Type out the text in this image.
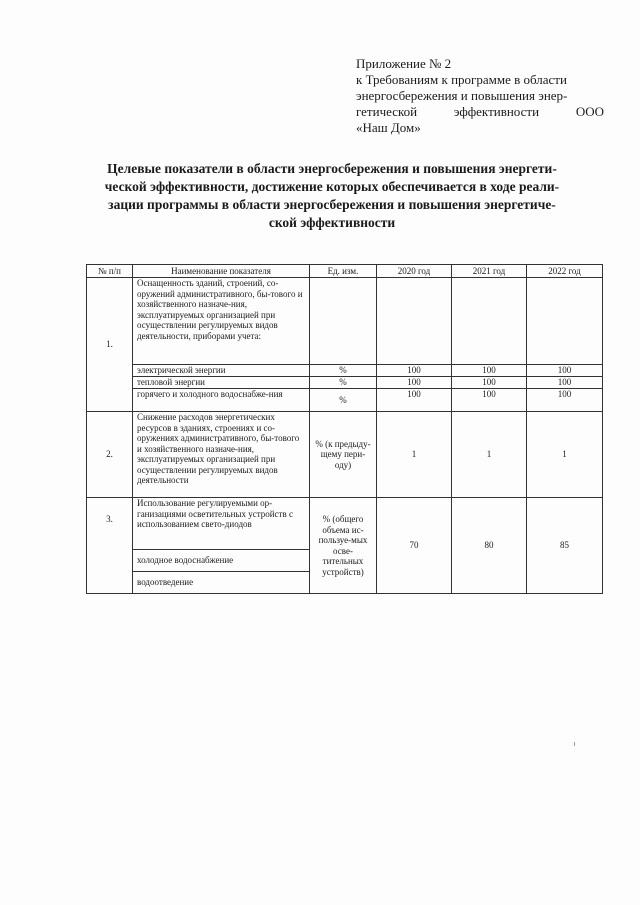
Приложение № 2
к Требованиям к программе в области
энергосбережения и повышения энер-
гетической	эффективности	ООО
«Наш Дом»
Целевые показатели в области энергосбережения и повышения энергети-
ческой эффективности, достижение которых обеспечивается в ходе реали-
зации программы в области энергосбережения и повышения энергетиче-
ской эффективности
№ п/п	Наименование показателя	Ед. изм.	2020 год	2021 год	2022 год
1.	Оснащенность зданий, строений, со-оружений административного, бы-тового и хозяйственного назначе-ния, эксплуатируемых организацией при осуществлении регулируемых видов деятельности, приборами учета:				
	электрической энергии	%	100	100	100
	тепловой энергии	%	100	100	100
	горячего и холодного водоснабже-ния	%	100	100	100
2.	Снижение расходов энергетических ресурсов в зданиях, строениях и со-оружениях административного, бы-тового и хозяйственного назначе-ния, эксплуатируемых организацией при осуществлении регулируемых видов деятельности	% (к предыду-щему пери-оду)	1	1	1
3.	Использование регулируемыми ор-ганизациями осветительных устройств с использованием свето-диодов	% (общего объема ис-пользуе-мых осве-тительных устройств)	70	80	85
	холодное водоснабжение				
	водоотведение				
